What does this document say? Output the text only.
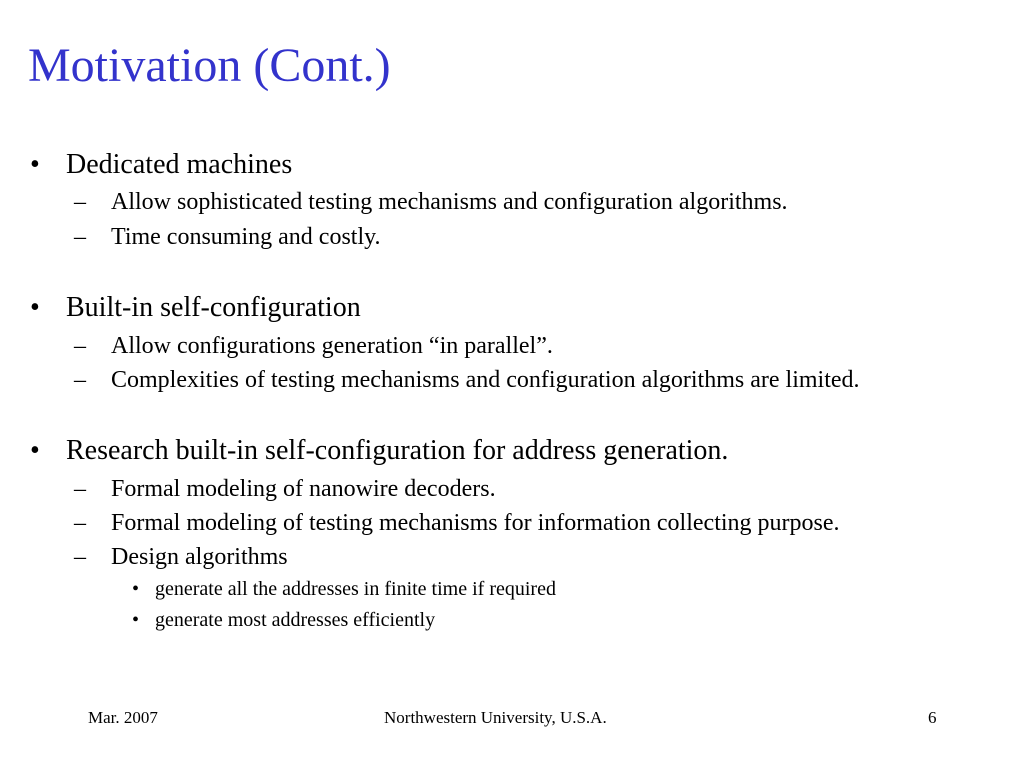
Motivation (Cont.)
• Dedicated machines
– Allow sophisticated testing mechanisms and configuration algorithms.
– Time consuming and costly.
• Built-in self-configuration
– Allow configurations generation “in parallel”.
– Complexities of testing mechanisms and configuration algorithms are limited.
• Research built-in self-configuration for address generation.
– Formal modeling of nanowire decoders.
– Formal modeling of testing mechanisms for information collecting purpose.
– Design algorithms
• generate all the addresses in finite time if required
• generate most addresses efficiently
Mar. 2007	Northwestern University, U.S.A.	6
